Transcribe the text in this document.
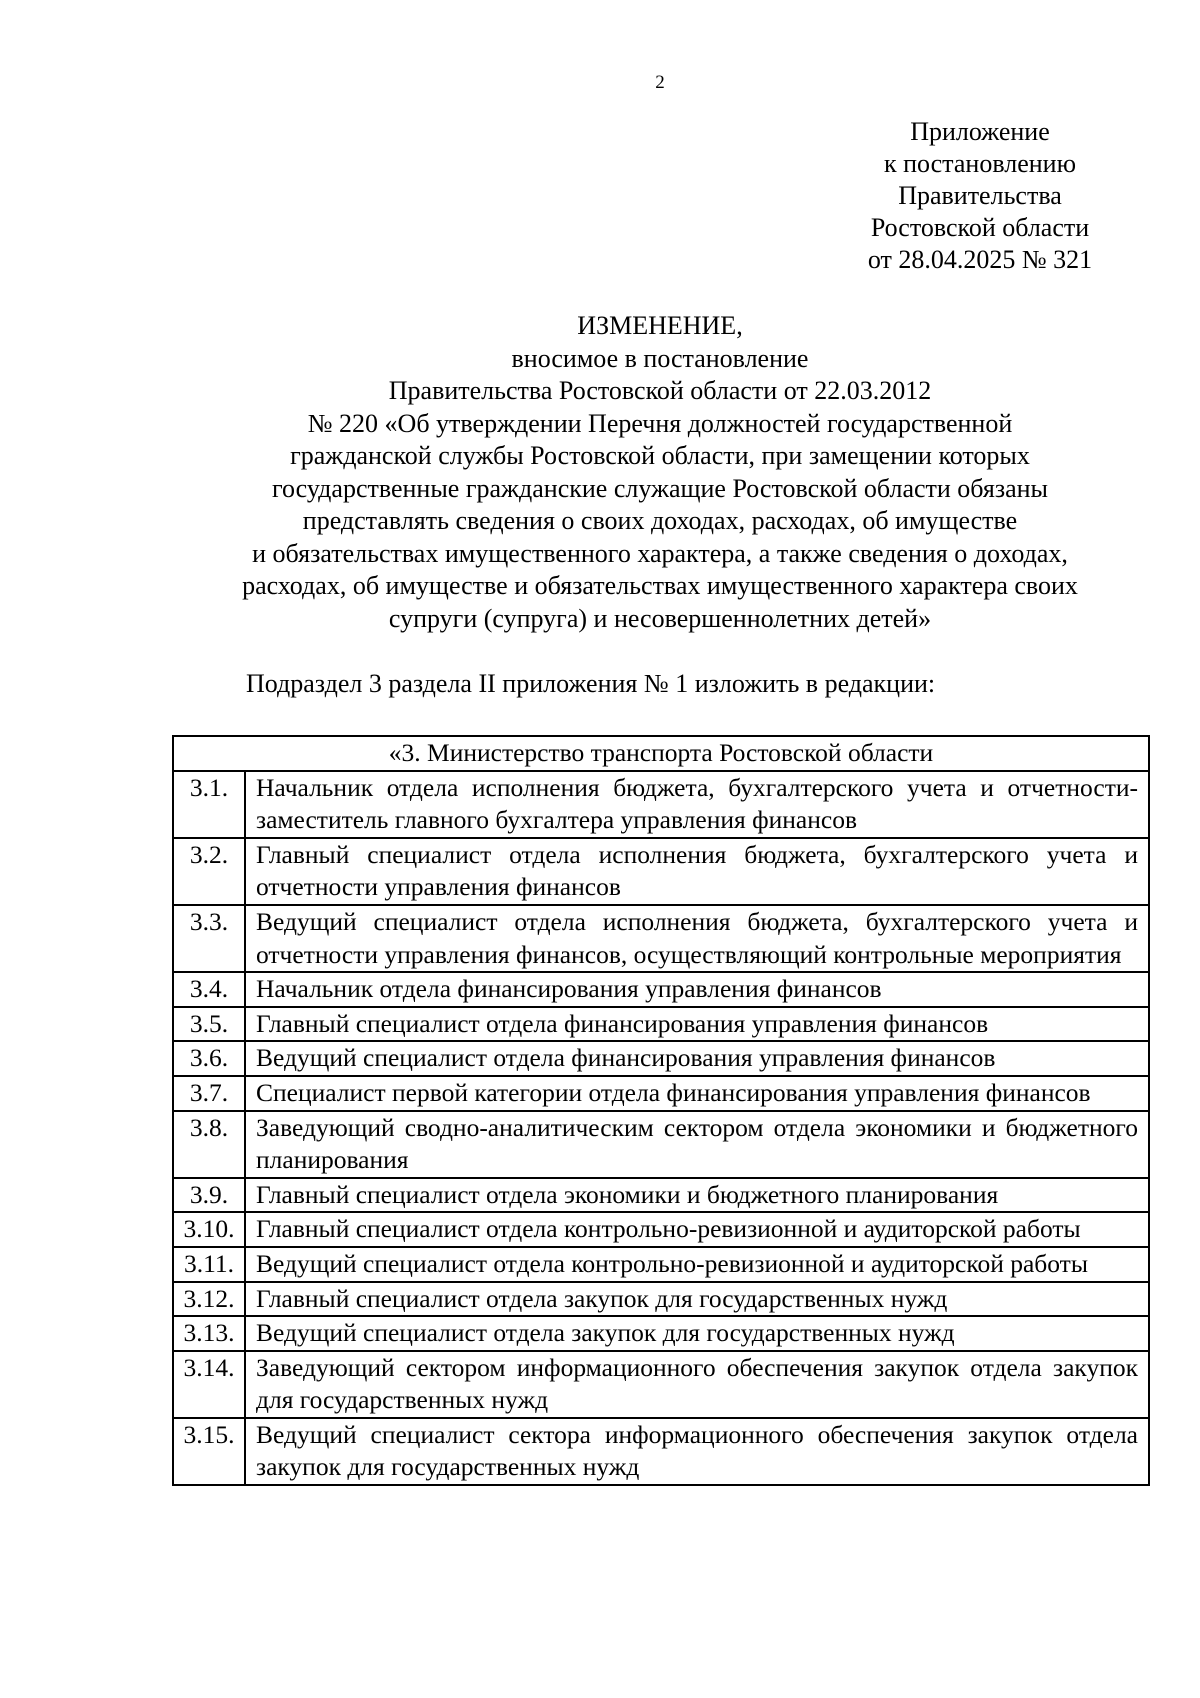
2
Приложение
к постановлению
Правительства
Ростовской области
от 28.04.2025 № 321
ИЗМЕНЕНИЕ,
вносимое в постановление
Правительства Ростовской области от 22.03.2012
№ 220 «Об утверждении Перечня должностей государственной
гражданской службы Ростовской области, при замещении которых
государственные гражданские служащие Ростовской области обязаны
представлять сведения о своих доходах, расходах, об имуществе
и обязательствах имущественного характера, а также сведения о доходах,
расходах, об имуществе и обязательствах имущественного характера своих
супруги (супруга) и несовершеннолетних детей»
Подраздел 3 раздела II приложения № 1 изложить в редакции:
«3. Министерство транспорта Ростовской области	
3.1.	Начальник отдела исполнения бюджета, бухгалтерского учета и отчетности-заместитель главного бухгалтера управления финансов
3.2.	Главный специалист отдела исполнения бюджета, бухгалтерского учета и отчетности управления финансов
3.3.	Ведущий специалист отдела исполнения бюджета, бухгалтерского учета и отчетности управления финансов, осуществляющий контрольные мероприятия
3.4.	Начальник отдела финансирования управления финансов
3.5.	Главный специалист отдела финансирования управления финансов
3.6.	Ведущий специалист отдела финансирования управления финансов
3.7.	Специалист первой категории отдела финансирования управления финансов
3.8.	Заведующий сводно-аналитическим сектором отдела экономики и бюджетного планирования
3.9.	Главный специалист отдела экономики и бюджетного планирования
3.10.	Главный специалист отдела контрольно-ревизионной и аудиторской работы
3.11.	Ведущий специалист отдела контрольно-ревизионной и аудиторской работы
3.12.	Главный специалист отдела закупок для государственных нужд
3.13.	Ведущий специалист отдела закупок для государственных нужд
3.14.	Заведующий сектором информационного обеспечения закупок отдела закупок для государственных нужд
3.15.	Ведущий специалист сектора информационного обеспечения закупок отдела закупок для государственных нужд
